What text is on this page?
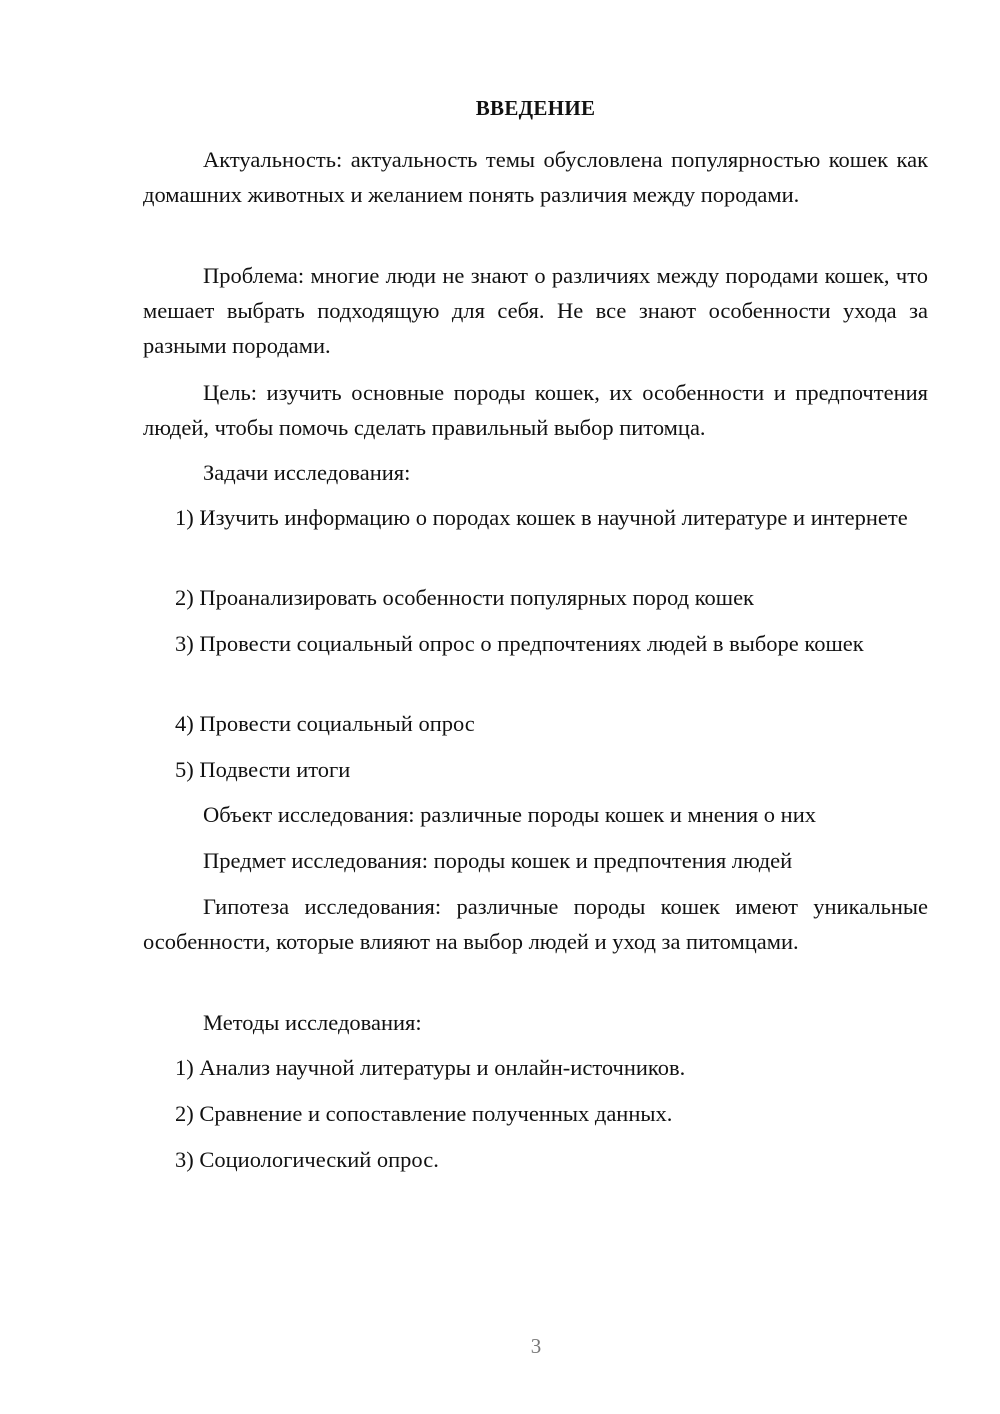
ВВЕДЕНИЕ

Актуальность: актуальность темы обусловлена популярностью кошек как домашних животных и желанием понять различия между породами.

Проблема: многие люди не знают о различиях между породами кошек, что мешает выбрать подходящую для себя. Не все знают особенности ухода за разными породами.

Цель: изучить основные породы кошек, их особенности и предпочтения людей, чтобы помочь сделать правильный выбор питомца.

Задачи исследования:

1) Изучить информацию о породах кошек в научной литературе и интернете

2) Проанализировать особенности популярных пород кошек

3) Провести социальный опрос о предпочтениях людей в выборе кошек

4) Провести социальный опрос

5) Подвести итоги

Объект исследования: различные породы кошек и мнения о них

Предмет исследования: породы кошек и предпочтения людей

Гипотеза исследования: различные породы кошек имеют уникальные особенности, которые влияют на выбор людей и уход за питомцами.

Методы исследования:

1) Анализ научной литературы и онлайн-источников.

2) Сравнение и сопоставление полученных данных.

3) Социологический опрос.

3
